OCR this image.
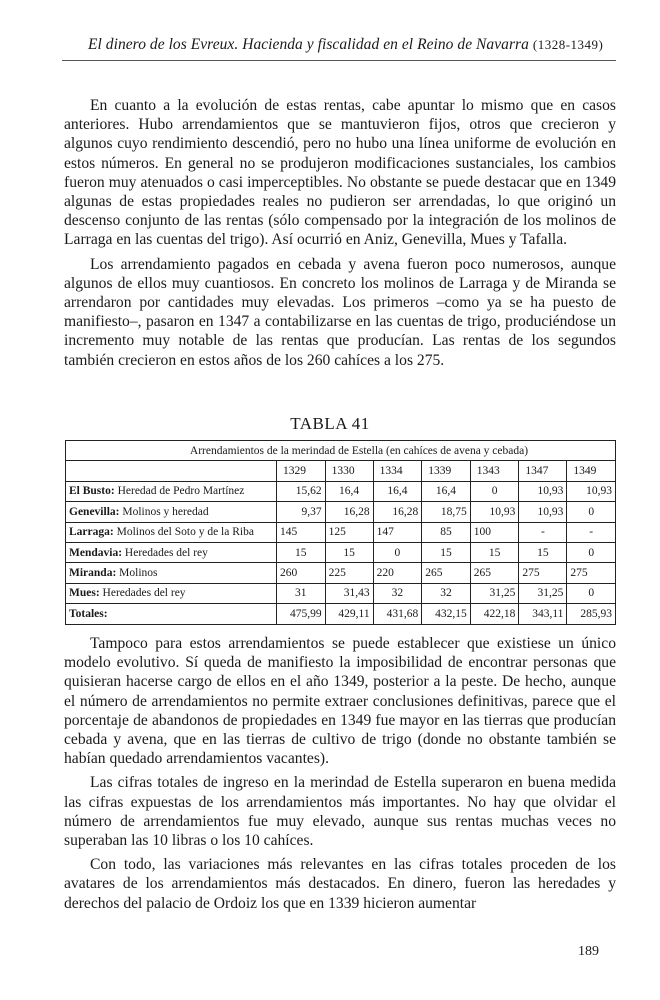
El dinero de los Evreux. Hacienda y fiscalidad en el Reino de Navarra (1328-1349)

En cuanto a la evolución de estas rentas, cabe apuntar lo mismo que en casos anteriores. Hubo arrendamientos que se mantuvieron fijos, otros que crecieron y algunos cuyo rendimiento descendió, pero no hubo una línea uniforme de evolución en estos números. En general no se produjeron modificaciones sustanciales, los cambios fueron muy atenuados o casi imperceptibles. No obstante se puede destacar que en 1349 algunas de estas propiedades reales no pudieron ser arrendadas, lo que originó un descenso conjunto de las rentas (sólo compensado por la integración de los molinos de Larraga en las cuentas del trigo). Así ocurrió en Aniz, Genevilla, Mues y Tafalla.

Los arrendamiento pagados en cebada y avena fueron poco numerosos, aunque algunos de ellos muy cuantiosos. En concreto los molinos de Larraga y de Miranda se arrendaron por cantidades muy elevadas. Los primeros –como ya se ha puesto de manifiesto–, pasaron en 1347 a contabilizarse en las cuentas de trigo, produciéndose un incremento muy notable de las rentas que producían. Las rentas de los segundos también crecieron en estos años de los 260 cahíces a los 275.

TABLA 41
Arrendamientos de la merindad de Estella (en cahíces de avena y cebada)							
	1329	1330	1334	1339	1343	1347	1349
El Busto: Heredad de Pedro Martínez	15,62	16,4	16,4	16,4	0	10,93	10,93
Genevilla: Molinos y heredad	9,37	16,28	16,28	18,75	10,93	10,93	0
Larraga: Molinos del Soto y de la Riba	145	125	147	85	100	-	-
Mendavia: Heredades del rey	15	15	0	15	15	15	0
Miranda: Molinos	260	225	220	265	265	275	275
Mues: Heredades del rey	31	31,43	32	32	31,25	31,25	0
Totales:	475,99	429,11	431,68	432,15	422,18	343,11	285,93

Tampoco para estos arrendamientos se puede establecer que existiese un único modelo evolutivo. Sí queda de manifiesto la imposibilidad de encontrar personas que quisieran hacerse cargo de ellos en el año 1349, posterior a la peste. De hecho, aunque el número de arrendamientos no permite extraer conclusiones definitivas, parece que el porcentaje de abandonos de propiedades en 1349 fue mayor en las tierras que producían cebada y avena, que en las tierras de cultivo de trigo (donde no obstante también se habían quedado arrendamientos vacantes).

Las cifras totales de ingreso en la merindad de Estella superaron en buena medida las cifras expuestas de los arrendamientos más importantes. No hay que olvidar el número de arrendamientos fue muy elevado, aunque sus rentas muchas veces no superaban las 10 libras o los 10 cahíces.

Con todo, las variaciones más relevantes en las cifras totales proceden de los avatares de los arrendamientos más destacados. En dinero, fueron las heredades y derechos del palacio de Ordoiz los que en 1339 hicieron aumentar

189
